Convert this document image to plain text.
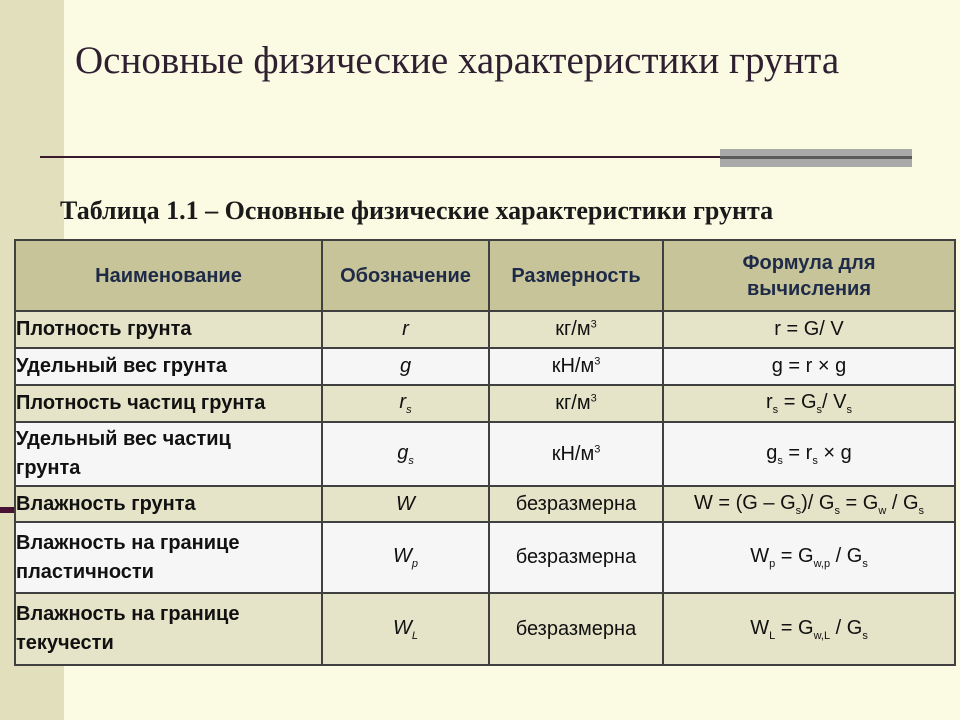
Основные физические характеристики грунта
Таблица 1.1 – Основные физические характеристики грунта
Наименование	Обозначение	Размерность	Формула для
вычисления
Плотность грунта	r	$кг/м^3$	r = G/ V
Удельный вес грунта	g	$кН/м^3$	g = r × g
Плотность частиц грунта	$r_s$	$кг/м^3$	$r_s = G_s/$ $V_s$
Удельный вес частиц
грунта	$g_s$	$кН/м^3$	$g_s = r_s \times g$
Влажность грунта	W	безразмерна	$W = (G - G_s)/$ $G_s = G_w / G_s$
Влажность на границе
пластичности	$W_p$	безразмерна	$W_p = G_{w,p} / G_s$
Влажность на границе
текучести	$W_L$	безразмерна	$W_L = G_{w,L} / G_s$
